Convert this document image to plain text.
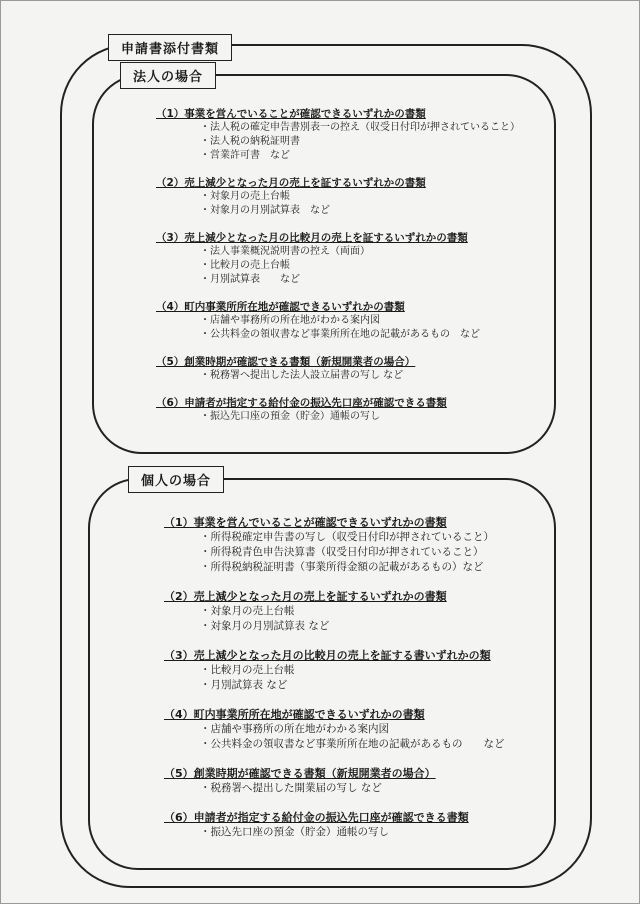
申請書添付書類
法人の場合
個人の場合
（1）事業を営んでいることが確認できるいずれかの書類
・法人税の確定申告書別表一の控え（収受日付印が押されていること）
・法人税の納税証明書
・営業許可書　など
（2）売上減少となった月の売上を証するいずれかの書類
・対象月の売上台帳
・対象月の月別試算表　など
（3）売上減少となった月の比較月の売上を証するいずれかの書類
・法人事業概況説明書の控え（両面）
・比較月の売上台帳
・月別試算表　　など
（4）町内事業所所在地が確認できるいずれかの書類
・店舗や事務所の所在地がわかる案内図
・公共料金の領収書など事業所所在地の記載があるもの　など
（5）創業時期が確認できる書類（新規開業者の場合）
・税務署へ提出した法人設立届書の写し など
（6）申請者が指定する給付金の振込先口座が確認できる書類
・振込先口座の預金（貯金）通帳の写し
（1）事業を営んでいることが確認できるいずれかの書類
・所得税確定申告書の写し（収受日付印が押されていること）
・所得税青色申告決算書（収受日付印が押されていること）
・所得税納税証明書（事業所得金額の記載があるもの）など
（2）売上減少となった月の売上を証するいずれかの書類
・対象月の売上台帳
・対象月の月別試算表 など
（3）売上減少となった月の比較月の売上を証する書いずれかの類
・比較月の売上台帳
・月別試算表 など
（4）町内事業所所在地が確認できるいずれかの書類
・店舗や事務所の所在地がわかる案内図
・公共料金の領収書など事業所所在地の記載があるもの　　など
（5）創業時期が確認できる書類（新規開業者の場合）
・税務署へ提出した開業届の写し など
（6）申請者が指定する給付金の振込先口座が確認できる書類
・振込先口座の預金（貯金）通帳の写し
